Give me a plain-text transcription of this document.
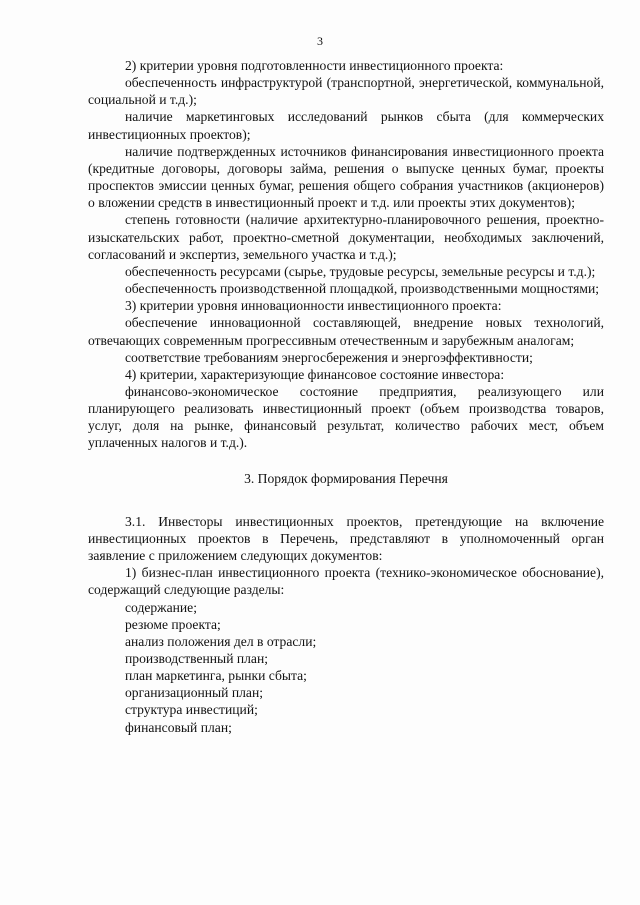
3

2) критерии уровня подготовленности инвестиционного проекта:

обеспеченность инфраструктурой (транспортной, энергетической, коммунальной, социальной и т.д.);

наличие маркетинговых исследований рынков сбыта (для коммерческих инвестиционных проектов);

наличие подтвержденных источников финансирования инвестиционного проекта (кредитные договоры, договоры займа, решения о выпуске ценных бумаг, проекты проспектов эмиссии ценных бумаг, решения общего собрания участников (акционеров) о вложении средств в инвестиционный проект и т.д. или проекты этих документов);

степень готовности (наличие архитектурно-планировочного решения, проектно-изыскательских работ, проектно-сметной документации, необходимых заключений, согласований и экспертиз, земельного участка и т.д.);

обеспеченность ресурсами (сырье, трудовые ресурсы, земельные ресурсы и т.д.);

обеспеченность производственной площадкой, производственными мощностями;

3) критерии уровня инновационности инвестиционного проекта:

обеспечение инновационной составляющей, внедрение новых технологий, отвечающих современным прогрессивным отечественным и зарубежным аналогам;

соответствие требованиям энергосбережения и энергоэффективности;

4) критерии, характеризующие финансовое состояние инвестора:

финансово-экономическое состояние предприятия, реализующего или планирующего реализовать инвестиционный проект (объем производства товаров, услуг, доля на рынке, финансовый результат, количество рабочих мест, объем уплаченных налогов и т.д.).

3. Порядок формирования Перечня

3.1. Инвесторы инвестиционных проектов, претендующие на включение инвестиционных проектов в Перечень, представляют в уполномоченный орган заявление с приложением следующих документов:

1) бизнес-план инвестиционного проекта (технико-экономическое обоснование), содержащий следующие разделы:

содержание;

резюме проекта;

анализ положения дел в отрасли;

производственный план;

план маркетинга, рынки сбыта;

организационный план;

структура инвестиций;

финансовый план;
